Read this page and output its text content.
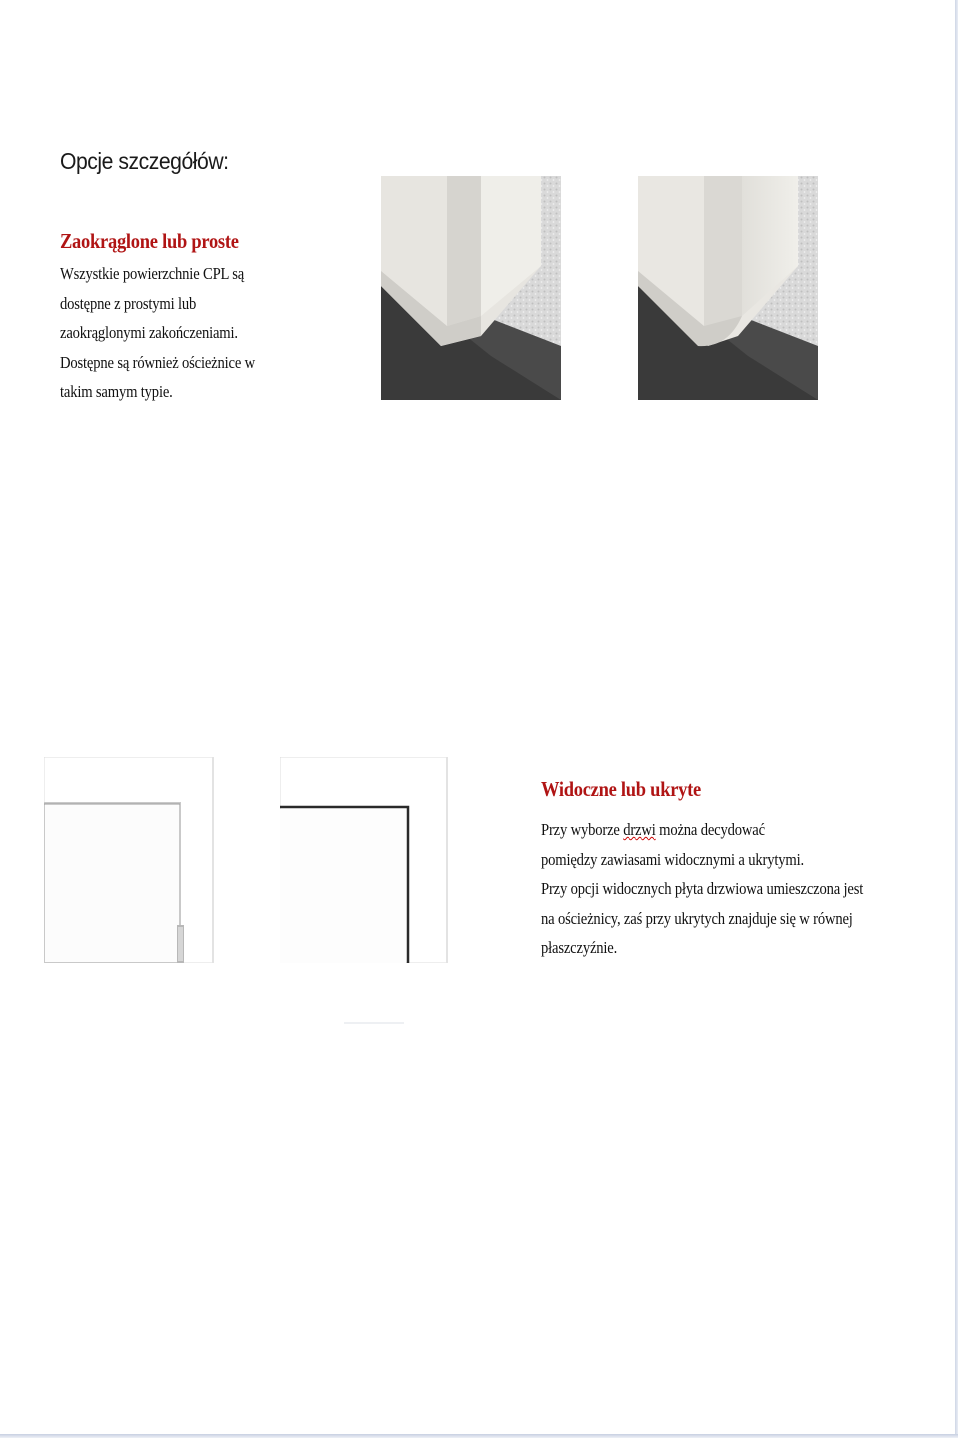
Opcje szczegółów:
Zaokrąglone lub proste
Wszystkie powierzchnie CPL są
dostępne z prostymi lub
zaokrąglonymi zakończeniami.
Dostępne są również ościeżnice w
takim samym typie.
Widoczne lub ukryte
Przy wyborze drzwi można decydować
pomiędzy zawiasami widocznymi a ukrytymi.
Przy opcji widocznych płyta drzwiowa umieszczona jest
na ościeżnicy, zaś przy ukrytych znajduje się w równej
płaszczyźnie.
